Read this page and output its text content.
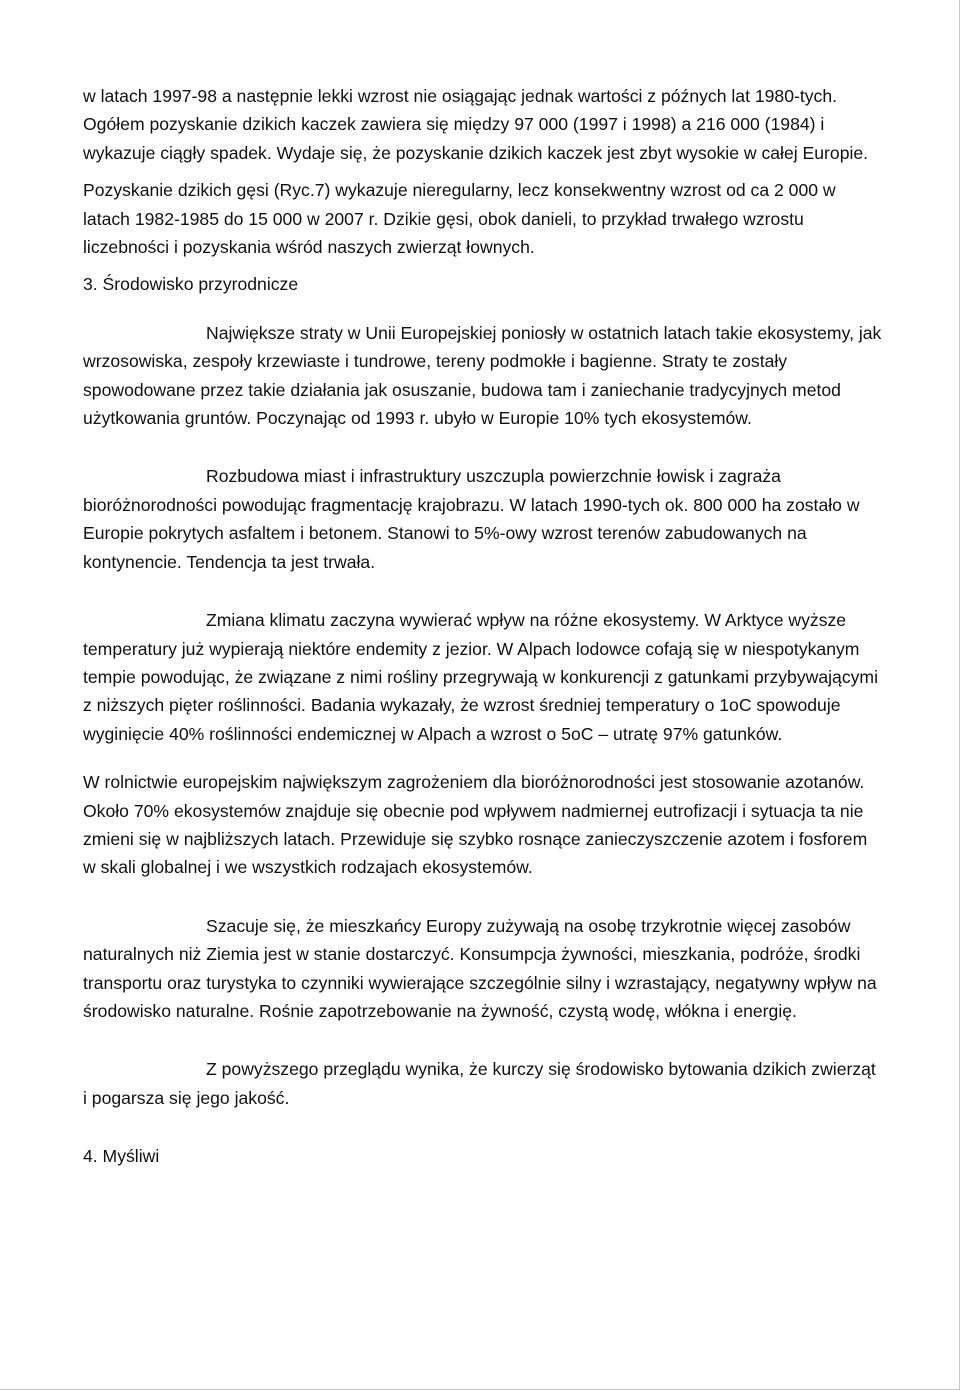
w latach 1997-98 a następnie lekki wzrost nie osiągając jednak wartości z późnych lat 1980-tych. Ogółem pozyskanie dzikich kaczek zawiera się między 97 000 (1997 i 1998) a 216 000 (1984) i wykazuje ciągły spadek. Wydaje się, że pozyskanie dzikich kaczek jest zbyt wysokie w całej Europie.

Pozyskanie dzikich gęsi (Ryc.7) wykazuje nieregularny, lecz konsekwentny wzrost od ca 2 000 w latach 1982-1985 do 15 000 w 2007 r. Dzikie gęsi, obok danieli, to przykład trwałego wzrostu liczebności i pozyskania wśród naszych zwierząt łownych.

3. Środowisko przyrodnicze

Największe straty w Unii Europejskiej poniosły w ostatnich latach takie ekosystemy, jak wrzosowiska, zespoły krzewiaste i tundrowe, tereny podmokłe i bagienne. Straty te zostały spowodowane przez takie działania jak osuszanie, budowa tam i zaniechanie tradycyjnych metod użytkowania gruntów. Poczynając od 1993 r. ubyło w Europie 10% tych ekosystemów.

Rozbudowa miast i infrastruktury uszczupla powierzchnie łowisk i zagraża bioróżnorodności powodując fragmentację krajobrazu. W latach 1990-tych ok. 800 000 ha zostało w Europie pokrytych asfaltem i betonem. Stanowi to 5%-owy wzrost terenów zabudowanych na kontynencie. Tendencja ta jest trwała.

Zmiana klimatu zaczyna wywierać wpływ na różne ekosystemy. W Arktyce wyższe temperatury już wypierają niektóre endemity z jezior. W Alpach lodowce cofają się w niespotykanym tempie powodując, że związane z nimi rośliny przegrywają w konkurencji z gatunkami przybywającymi z niższych pięter roślinności. Badania wykazały, że wzrost średniej temperatury o 1oC spowoduje wyginięcie 40% roślinności endemicznej w Alpach a wzrost o 5oC – utratę 97% gatunków.

W rolnictwie europejskim największym zagrożeniem dla bioróżnorodności jest stosowanie azotanów. Około 70% ekosystemów znajduje się obecnie pod wpływem nadmiernej eutrofizacji i sytuacja ta nie zmieni się w najbliższych latach. Przewiduje się szybko rosnące zanieczyszczenie azotem i fosforem w skali globalnej i we wszystkich rodzajach ekosystemów.

Szacuje się, że mieszkańcy Europy zużywają na osobę trzykrotnie więcej zasobów naturalnych niż Ziemia jest w stanie dostarczyć. Konsumpcja żywności, mieszkania, podróże, środki transportu oraz turystyka to czynniki wywierające szczególnie silny i wzrastający, negatywny wpływ na środowisko naturalne. Rośnie zapotrzebowanie na żywność, czystą wodę, włókna i energię.

Z powyższego przeglądu wynika, że kurczy się środowisko bytowania dzikich zwierząt i pogarsza się jego jakość.

4. Myśliwi
